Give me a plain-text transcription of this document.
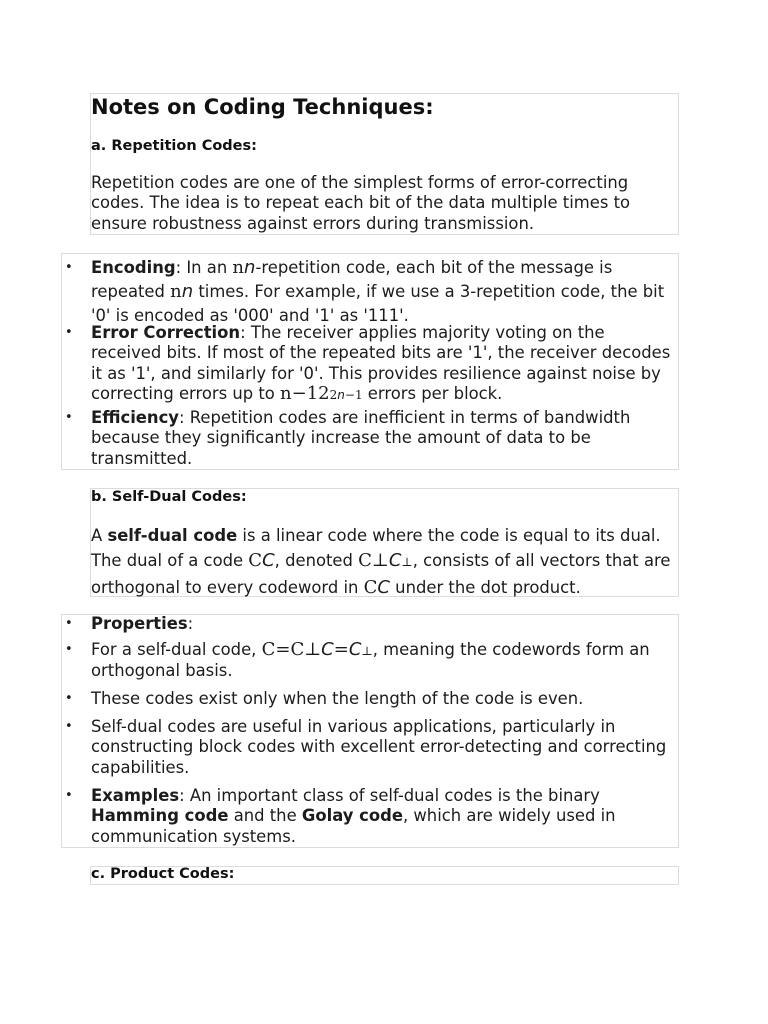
Notes on Coding Techniques:
a. Repetition Codes:

Repetition codes are one of the simplest forms of error-correcting codes. The idea is to repeat each bit of the data multiple times to ensure robustness against errors during transmission.

• Encoding: In an nn-repetition code, each bit of the message is repeated nn times. For example, if we use a 3-repetition code, the bit '0' is encoded as '000' and '1' as '111'.
• Error Correction: The receiver applies majority voting on the received bits. If most of the repeated bits are '1', the receiver decodes it as '1', and similarly for '0'. This provides resilience against noise by correcting errors up to n−122n−1 errors per block.
• Efficiency: Repetition codes are inefficient in terms of bandwidth because they significantly increase the amount of data to be transmitted.
b. Self-Dual Codes:

A self-dual code is a linear code where the code is equal to its dual. The dual of a code CC, denoted C⊥C⊥, consists of all vectors that are orthogonal to every codeword in CC under the dot product.

• Properties:
• For a self-dual code, C=C⊥C=C⊥, meaning the codewords form an orthogonal basis.
• These codes exist only when the length of the code is even.
• Self-dual codes are useful in various applications, particularly in constructing block codes with excellent error-detecting and correcting capabilities.
• Examples: An important class of self-dual codes is the binary Hamming code and the Golay code, which are widely used in communication systems.
c. Product Codes:
